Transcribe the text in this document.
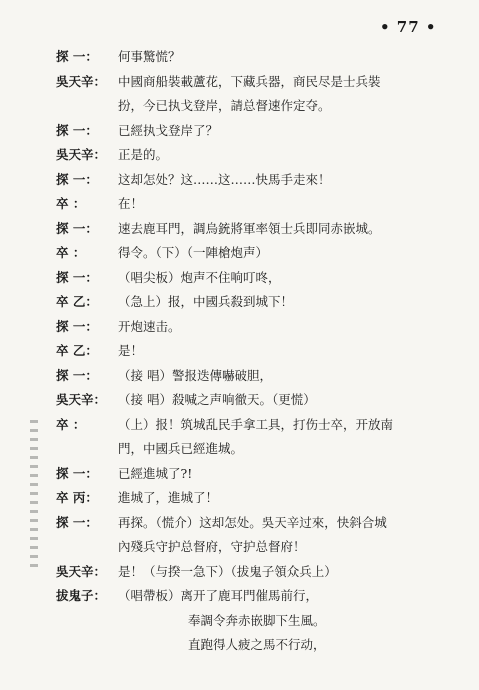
• 77 •
探 一：	何事驚慌？
吳天辛： 中國商船裝載蘆花，下藏兵器，商民尽是士兵裝
扮，今已执戈登岸，請总督速作定夺。
探 一：	已經执戈登岸了？
吳天辛： 正是的。
探 一：	这却怎处？这……这……快馬手走來！
卒 ：	在！
探 一：	速去鹿耳門，調烏銃將軍率領士兵即同赤嵌城。
卒 ：	得令。（下）（一陣槍炮声）
探 一：	（唱尖板）炮声不住响叮咚，
卒 乙：	（急上）报，中國兵殺到城下！
探 一：	开炮速击。
卒 乙：	是！
探 一：	（接 唱）警报迭傳嚇破胆，
吳天辛： （接 唱）殺喊之声响徹天。（更慌）
卒 ：	（上）报！筑城乱民手拿工具，打伤士卒，开放南
門，中國兵已經進城。
探 一：	已經進城了?!
卒 丙：	進城了，進城了！
探 一：	再探。（慌介）这却怎处。吳天辛过來，快斜合城
內殘兵守护总督府，守护总督府！
吳天辛： 是！（与揆一急下）（拔鬼子領众兵上）
拔鬼子： （唱帶板）离开了鹿耳門催馬前行，
奉調令奔赤嵌脚下生風。
直跑得人疲之馬不行动，
